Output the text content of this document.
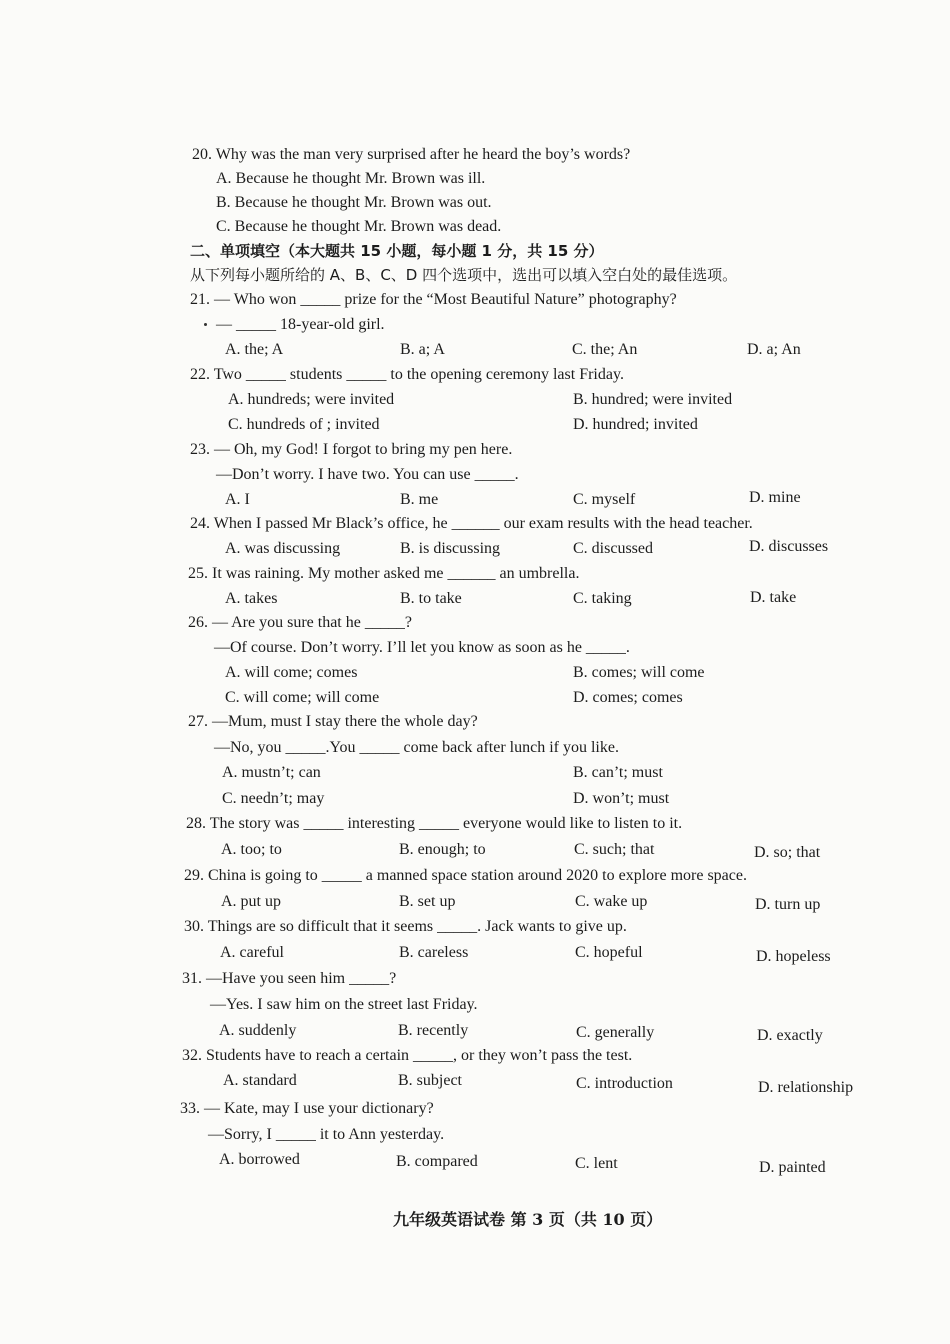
20. Why was the man very surprised after he heard the boy’s words?
A. Because he thought Mr. Brown was ill.
B. Because he thought Mr. Brown was out.
C. Because he thought Mr. Brown was dead.
二、单项填空（本大题共 15 小题，每小题 1 分，共 15 分）
从下列每小题所给的 A、B、C、D 四个选项中，选出可以填入空白处的最佳选项。
21. — Who won _____ prize for the “Most Beautiful Nature” photography?
— _____ 18-year-old girl.
A. the; A	B. a; A	C. the; An	D. a; An
22. Two _____ students _____ to the opening ceremony last Friday.
A. hundreds; were invited	B. hundred; were invited
C. hundreds of ; invited	D. hundred; invited
23. — Oh, my God! I forgot to bring my pen here.
—Don’t worry. I have two. You can use _____.
A. I	B. me	C. myself	D. mine
24. When I passed Mr Black’s office, he ______ our exam results with the head teacher.
A. was discussing	B. is discussing	C. discussed	D. discusses
25. It was raining. My mother asked me ______ an umbrella.
A. takes	B. to take	C. taking	D. take
26. — Are you sure that he _____?
—Of course. Don’t worry. I’ll let you know as soon as he _____.
A. will come; comes	B. comes; will come
C. will come; will come	D. comes; comes
27. —Mum, must I stay there the whole day?
—No, you _____.You _____ come back after lunch if you like.
A. mustn’t; can	B. can’t; must
C. needn’t; may	D. won’t; must
28. The story was _____ interesting _____ everyone would like to listen to it.
A. too; to	B. enough; to	C. such; that	D. so; that
29. China is going to _____ a manned space station around 2020 to explore more space.
A. put up	B. set up	C. wake up	D. turn up
30. Things are so difficult that it seems _____. Jack wants to give up.
A. careful	B. careless	C. hopeful	D. hopeless
31. —Have you seen him _____?
—Yes. I saw him on the street last Friday.
A. suddenly	B. recently	C. generally	D. exactly
32. Students have to reach a certain _____, or they won’t pass the test.
A. standard	B. subject	C. introduction	D. relationship
33. — Kate, may I use your dictionary?
—Sorry, I _____ it to Ann yesterday.
A. borrowed	B. compared	C. lent	D. painted
九年级英语试卷 第 3 页（共 10 页）
